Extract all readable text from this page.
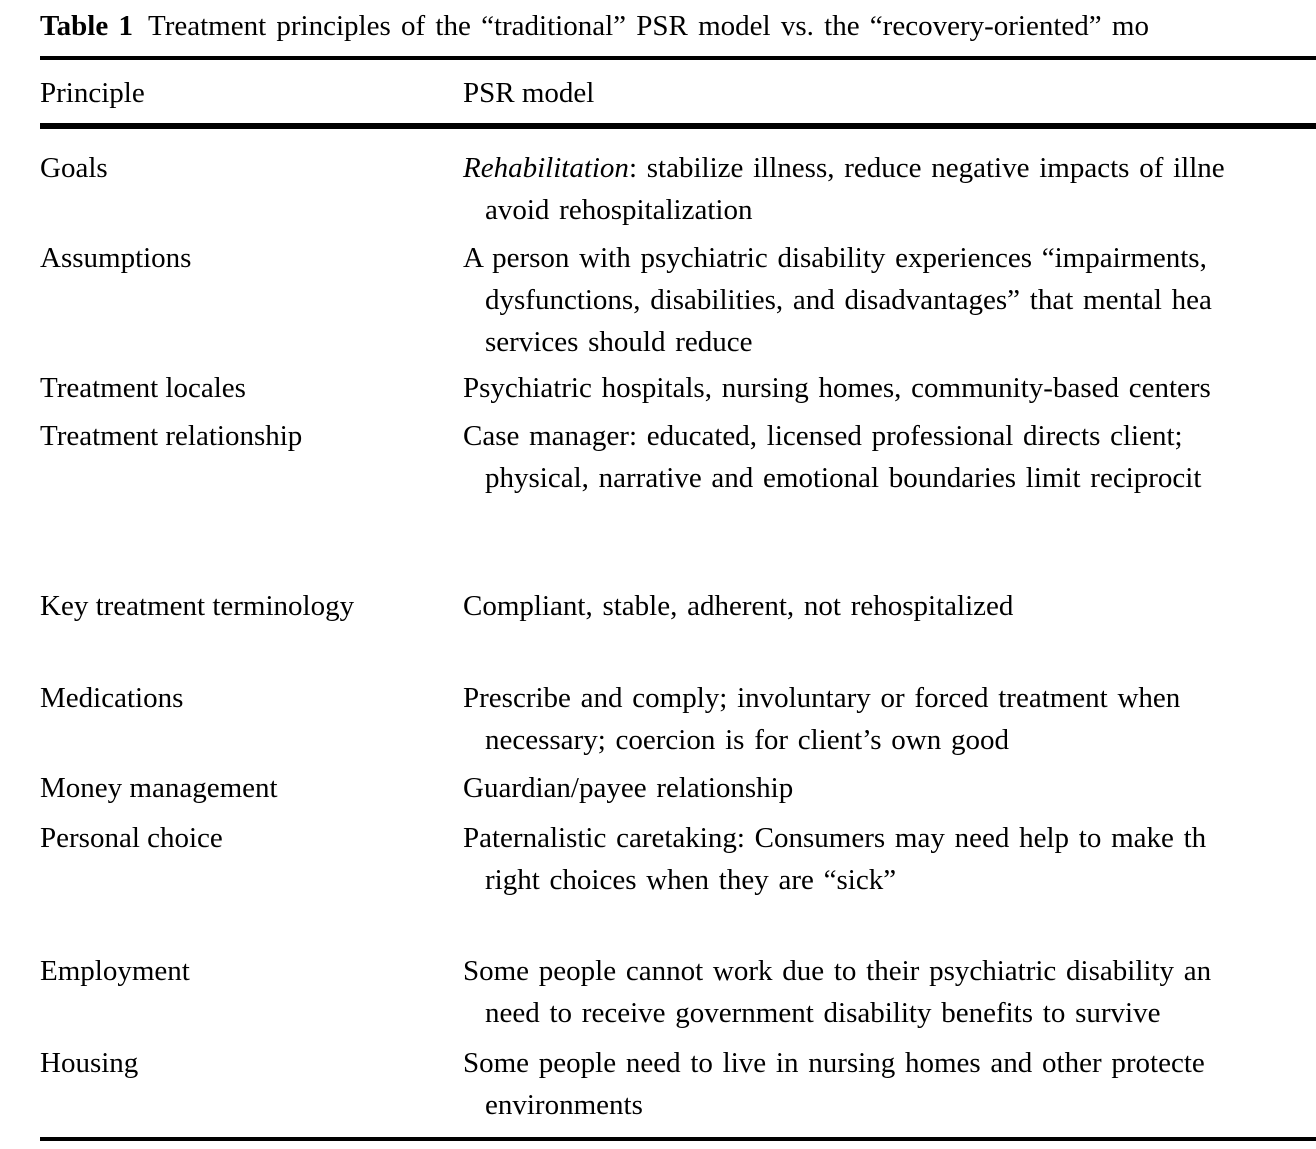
Table 1 Treatment principles of the “traditional” PSR model vs. the “recovery-oriented” mo
Principle	PSR model
Goals	Rehabilitation: stabilize illness, reduce negative impacts of illne
avoid rehospitalization
Assumptions	A person with psychiatric disability experiences “impairments,
dysfunctions, disabilities, and disadvantages” that mental hea
services should reduce
Treatment locales	Psychiatric hospitals, nursing homes, community-based centers
Treatment relationship	Case manager: educated, licensed professional directs client;
physical, narrative and emotional boundaries limit reciprocit
Key treatment terminology	Compliant, stable, adherent, not rehospitalized
Medications	Prescribe and comply; involuntary or forced treatment when
necessary; coercion is for client’s own good
Money management	Guardian/payee relationship
Personal choice	Paternalistic caretaking: Consumers may need help to make th
right choices when they are “sick”
Employment	Some people cannot work due to their psychiatric disability an
need to receive government disability benefits to survive
Housing	Some people need to live in nursing homes and other protecte
environments
